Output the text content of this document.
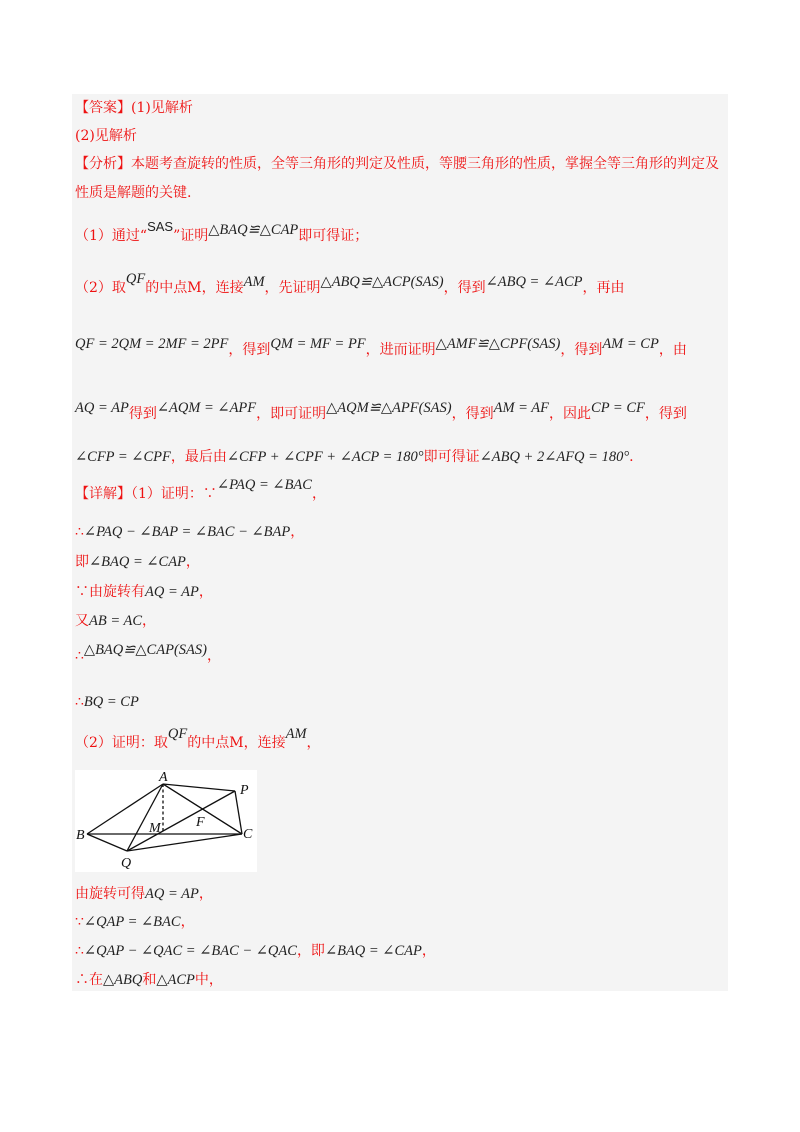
【答案】(1)见解析
(2)见解析
【分析】本题考查旋转的性质，全等三角形的判定及性质，等腰三角形的性质，掌握全等三角形的判定及
性质是解题的关键.
（1）通过“SAS”证明△BAQ≌△CAP即可得证；
（2）取QF的中点M，连接AM，先证明△ABQ≌△ACP(SAS)，得到∠ABQ = ∠ACP，再由
QF = 2QM = 2MF = 2PF，得到QM = MF = PF，进而证明△AMF≌△CPF(SAS)，得到AM = CP，由
AQ = AP得到∠AQM = ∠APF，即可证明△AQM≌△APF(SAS)，得到AM = AF，因此CP = CF，得到
∠CFP = ∠CPF，最后由∠CFP + ∠CPF + ∠ACP = 180°即可得证∠ABQ + 2∠AFQ = 180°.
【详解】（1）证明：∵∠PAQ = ∠BAC，
∴∠PAQ − ∠BAP = ∠BAC − ∠BAP，
即∠BAQ = ∠CAP，
∵由旋转有AQ = AP，
又AB = AC，
∴△BAQ≌△CAP(SAS)，
∴BQ = CP
（2）证明：取QF的中点M，连接AM，
A
B	C
P
Q
M	F
由旋转可得AQ = AP，
∵∠QAP = ∠BAC，
∴∠QAP − ∠QAC = ∠BAC − ∠QAC，即∠BAQ = ∠CAP，
∴在△ABQ和△ACP中，
